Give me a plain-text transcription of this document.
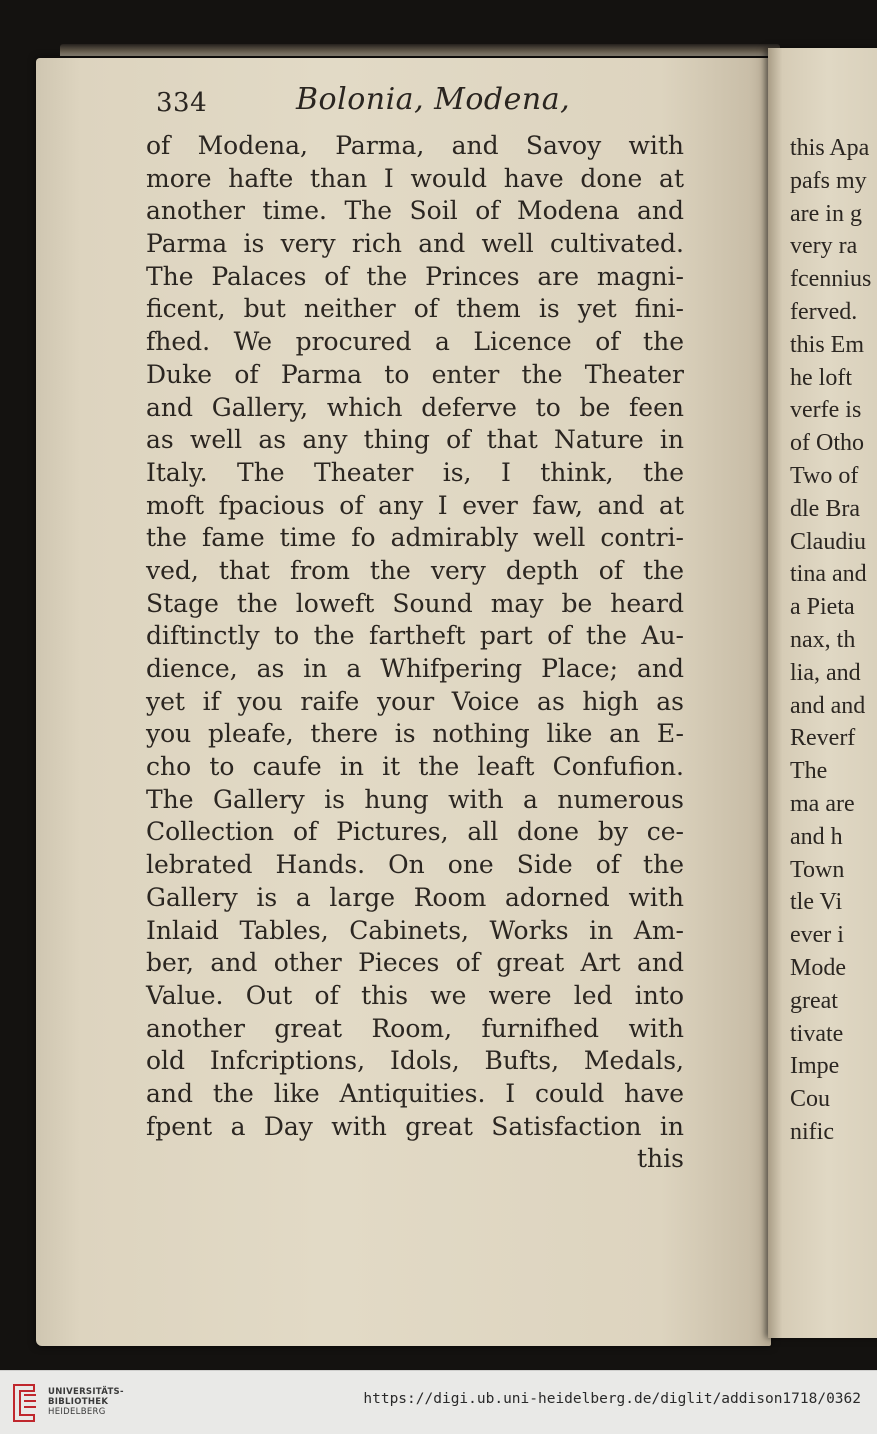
334	Bolonia, Modena,
of Modena, Parma, and Savoy with
more hafte than I would have done at
another time. The Soil of Modena and
Parma is very rich and well cultivated.
The Palaces of the Princes are magni-
ficent, but neither of them is yet fini-
fhed. We procured a Licence of the
Duke of Parma to enter the Theater
and Gallery, which deferve to be feen
as well as any thing of that Nature in
Italy. The Theater is, I think, the
moft fpacious of any I ever faw, and at
the fame time fo admirably well contri-
ved, that from the very depth of the
Stage the loweft Sound may be heard
diftinctly to the fartheft part of the Au-
dience, as in a Whifpering Place; and
yet if you raife your Voice as high as
you pleafe, there is nothing like an E-
cho to caufe in it the leaft Confufion.
The Gallery is hung with a numerous
Collection of Pictures, all done by ce-
lebrated Hands. On one Side of the
Gallery is a large Room adorned with
Inlaid Tables, Cabinets, Works in Am-
ber, and other Pieces of great Art and
Value. Out of this we were led into
another great Room, furnifhed with
old Infcriptions, Idols, Bufts, Medals,
and the like Antiquities. I could have
fpent a Day with great Satisfaction in
this
this Apa
pafs my
are in g
very ra
fcennius
ferved.
this Em
he loft
verfe is
of Otho
Two of
dle Bra
Claudiu
tina and
a Pieta
nax, th
lia, and
and and
Reverf
The
ma are
and h
Town
tle Vi
ever i
Mode
great
tivate
Impe
Cou
nific
UNIVERSITÄTS-
BIBLIOTHEK
HEIDELBERG
https://digi.ub.uni-heidelberg.de/diglit/addison1718/0362
